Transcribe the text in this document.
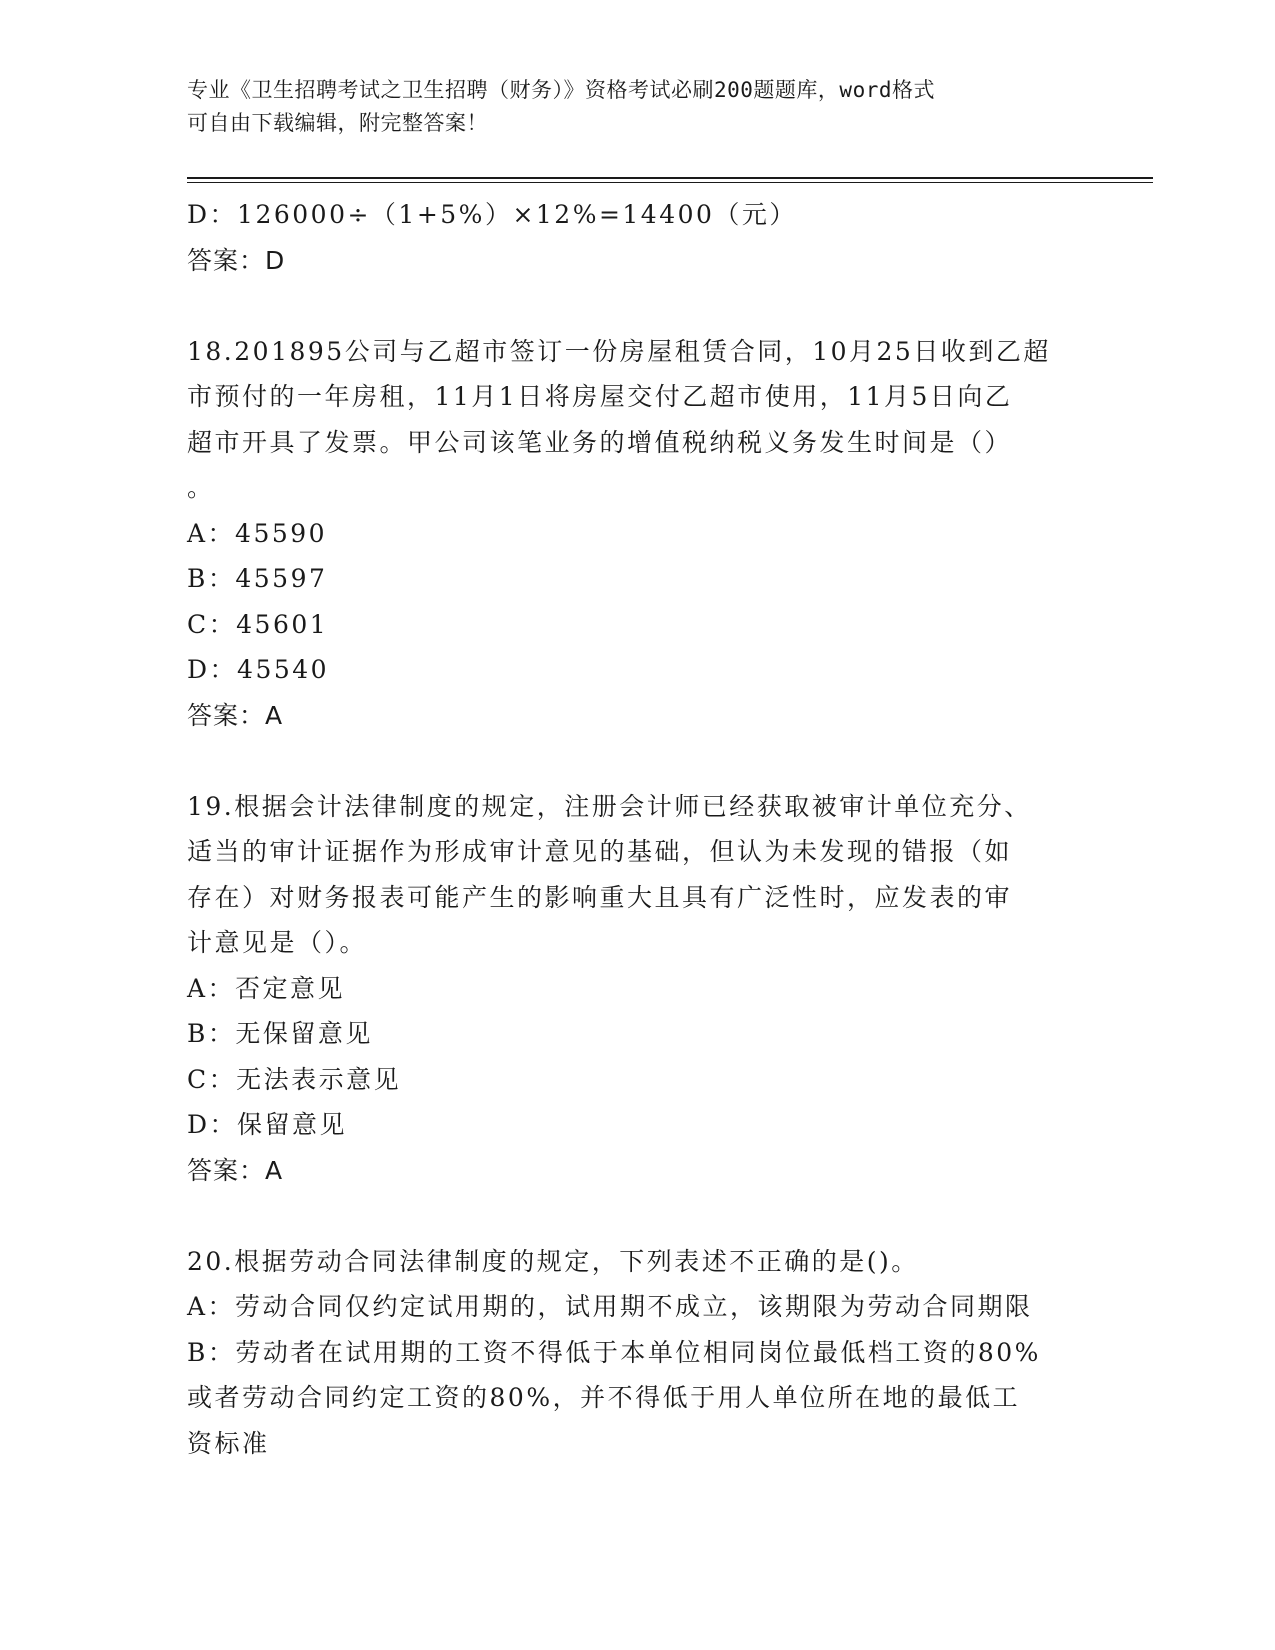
专业《卫生招聘考试之卫生招聘（财务）》资格考试必刷200题题库，word格式
可自由下载编辑，附完整答案！
D：126000÷（1+5%）×12%=14400（元）
答案：D
18.201895公司与乙超市签订一份房屋租赁合同，10月25日收到乙超
市预付的一年房租，11月1日将房屋交付乙超市使用，11月5日向乙
超市开具了发票。甲公司该笔业务的增值税纳税义务发生时间是（）
。
A：45590
B：45597
C：45601
D：45540
答案：A
19.根据会计法律制度的规定，注册会计师已经获取被审计单位充分、
适当的审计证据作为形成审计意见的基础，但认为未发现的错报（如
存在）对财务报表可能产生的影响重大且具有广泛性时，应发表的审
计意见是（）。
A：否定意见
B：无保留意见
C：无法表示意见
D：保留意见
答案：A
20.根据劳动合同法律制度的规定，下列表述不正确的是()。
A：劳动合同仅约定试用期的，试用期不成立，该期限为劳动合同期限
B：劳动者在试用期的工资不得低于本单位相同岗位最低档工资的80%
或者劳动合同约定工资的80%，并不得低于用人单位所在地的最低工
资标准
